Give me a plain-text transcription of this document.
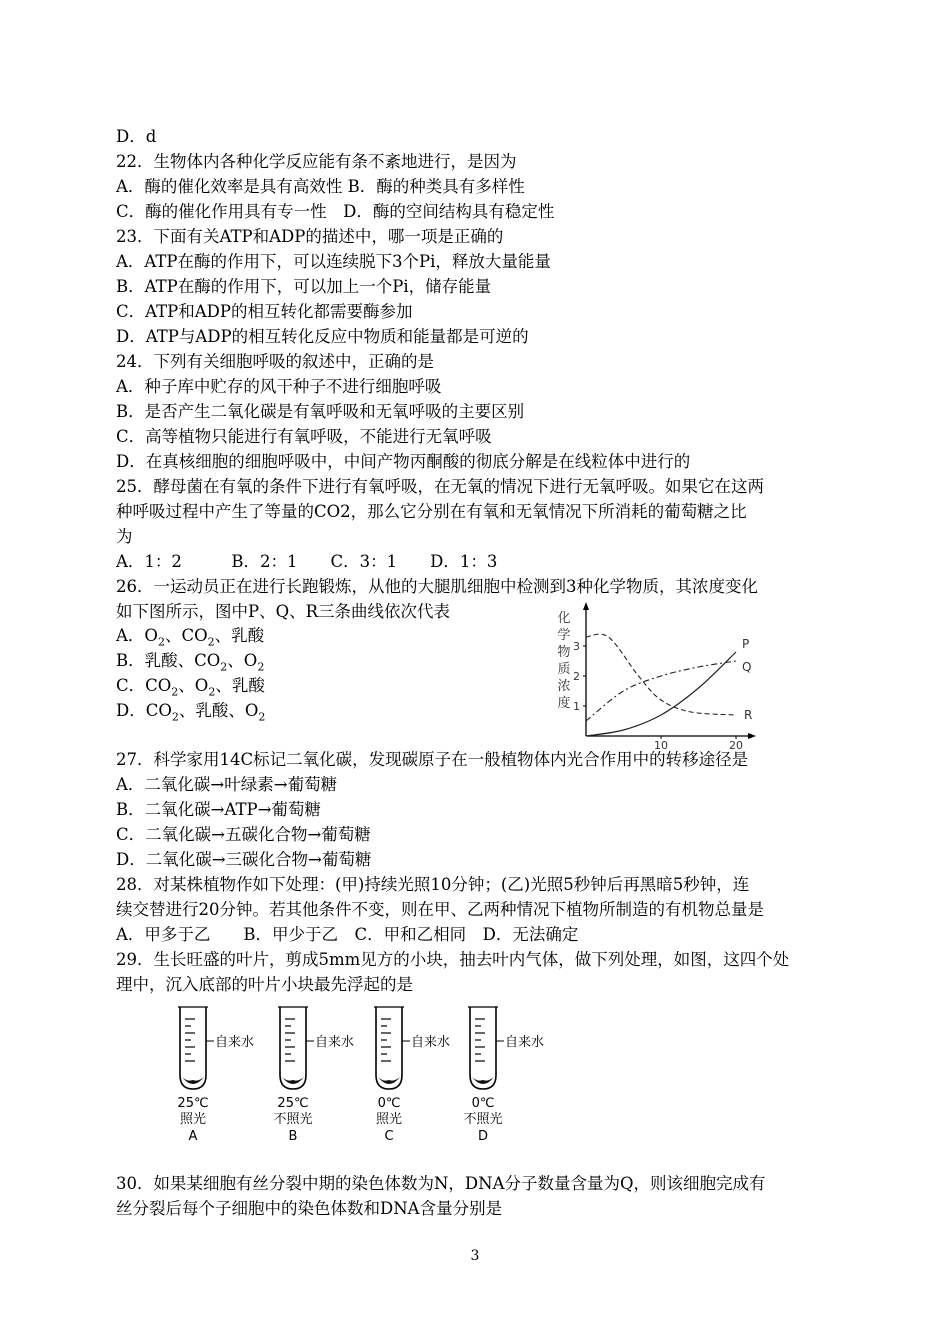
D．d
22．生物体内各种化学反应能有条不紊地进行，是因为
A．酶的催化效率是具有高效性 B．酶的种类具有多样性
C．酶的催化作用具有专一性　D．酶的空间结构具有稳定性
23．下面有关ATP和ADP的描述中，哪一项是正确的
A．ATP在酶的作用下，可以连续脱下3个Pi，释放大量能量
B．ATP在酶的作用下，可以加上一个Pi，储存能量
C．ATP和ADP的相互转化都需要酶参加
D．ATP与ADP的相互转化反应中物质和能量都是可逆的
24．下列有关细胞呼吸的叙述中，正确的是
A．种子库中贮存的风干种子不进行细胞呼吸
B．是否产生二氧化碳是有氧呼吸和无氧呼吸的主要区别
C．高等植物只能进行有氧呼吸，不能进行无氧呼吸
D．在真核细胞的细胞呼吸中，中间产物丙酮酸的彻底分解是在线粒体中进行的
25．酵母菌在有氧的条件下进行有氧呼吸，在无氧的情况下进行无氧呼吸。如果它在这两
种呼吸过程中产生了等量的CO2，那么它分别在有氧和无氧情况下所消耗的葡萄糖之比
为
A．1：2　　　B．2：1　　C．3：1　　D．1：3
26．一运动员正在进行长跑锻炼，从他的大腿肌细胞中检测到3种化学物质，其浓度变化
如下图所示，图中P、Q、R三条曲线依次代表
A．$O_2$、$CO_2$、乳酸
B．乳酸、$CO_2$、$O_2$
C．$CO_2$、$O_2$、乳酸
D．$CO_2$、乳酸、$O_2$
化
学
物
质
浓
度 1
2
3
10	20
P
Q
R
27．科学家用14C标记二氧化碳，发现碳原子在一般植物体内光合作用中的转移途径是
A．二氧化碳→叶绿素→葡萄糖
B．二氧化碳→ATP→葡萄糖
C．二氧化碳→五碳化合物→葡萄糖
D．二氧化碳→三碳化合物→葡萄糖
28．对某株植物作如下处理：(甲)持续光照10分钟；(乙)光照5秒钟后再黑暗5秒钟，连
续交替进行20分钟。若其他条件不变，则在甲、乙两种情况下植物所制造的有机物总量是
A．甲多于乙　　B．甲少于乙　C．甲和乙相同　D．无法确定
29．生长旺盛的叶片，剪成5mm见方的小块，抽去叶内气体，做下列处理，如图，这四个处
理中，沉入底部的叶片小块最先浮起的是
自来水
25℃
照光
A
自来水
25℃
不照光
B
自来水
0℃
照光
C
自来水
0℃
不照光
D
30．如果某细胞有丝分裂中期的染色体数为N，DNA分子数量含量为Q，则该细胞完成有
丝分裂后每个子细胞中的染色体数和DNA含量分别是
3
